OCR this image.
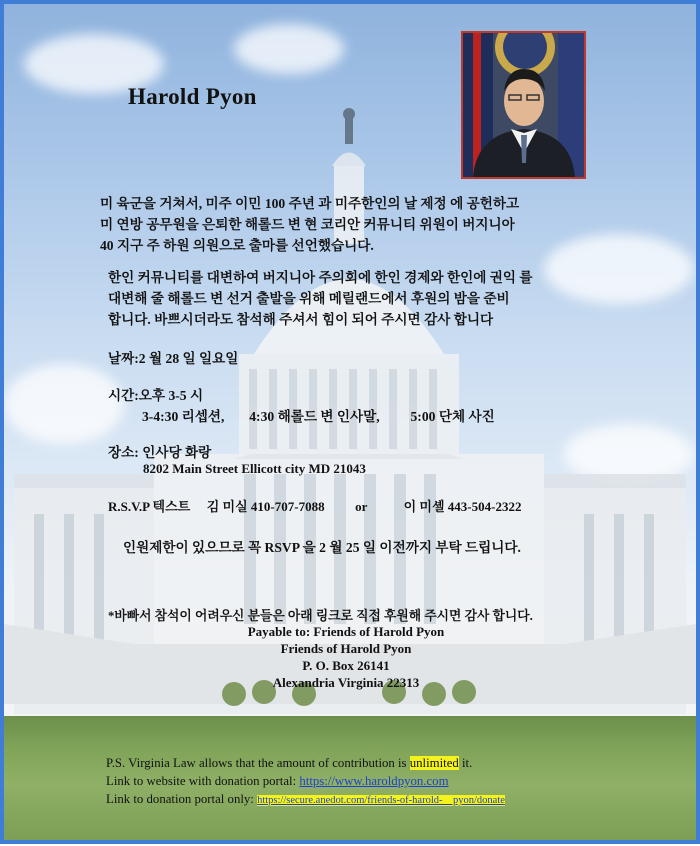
Harold Pyon
미 육군을 거쳐서, 미주 이민 100 주년 과 미주한인의 날 제정 에 공헌하고
미 연방 공무원을 은퇴한 해롤드 변 현 코리안 커뮤니티 위원이 버지니아
40 지구 주 하원 의원으로 출마를 선언했습니다.
한인 커뮤니티를 대변하여 버지니아 주의회에 한인 경제와 한인에 권익 를
대변해 줄 해롤드 변 선거 출발을 위해 메릴랜드에서 후원의 밤을 준비
합니다. 바쁘시더라도 참석해 주셔서 힘이 되어 주시면 감사 합니다
날짜:2 월 28 일 일요일
시간:오후 3-5 시
3-4:30 리셉션, 4:30 해롤드 변 인사말, 5:00 단체 사진
장소: 인사당 화랑
8202 Main Street Ellicott city MD 21043
R.S.V.P 텍스트 김 미실 410-707-7088 or	이 미셸 443-504-2322
인원제한이 있으므로 꼭 RSVP 을 2 월 25 일 이전까지 부탁 드립니다.
*바빠서 참석이 어려우신 분들은 아래 링크로 직접 후원해 주시면 감사 합니다.
Payable to: Friends of Harold Pyon
Friends of Harold Pyon
P. O. Box 26141
Alexandria Virginia 22313
P.S. Virginia Law allows that the amount of contribution is unlimited it.
Link to website with donation portal: https://www.haroldpyon.com
Link to donation portal only: https://secure.anedot.com/friends-of-harold-    pyon/donate
